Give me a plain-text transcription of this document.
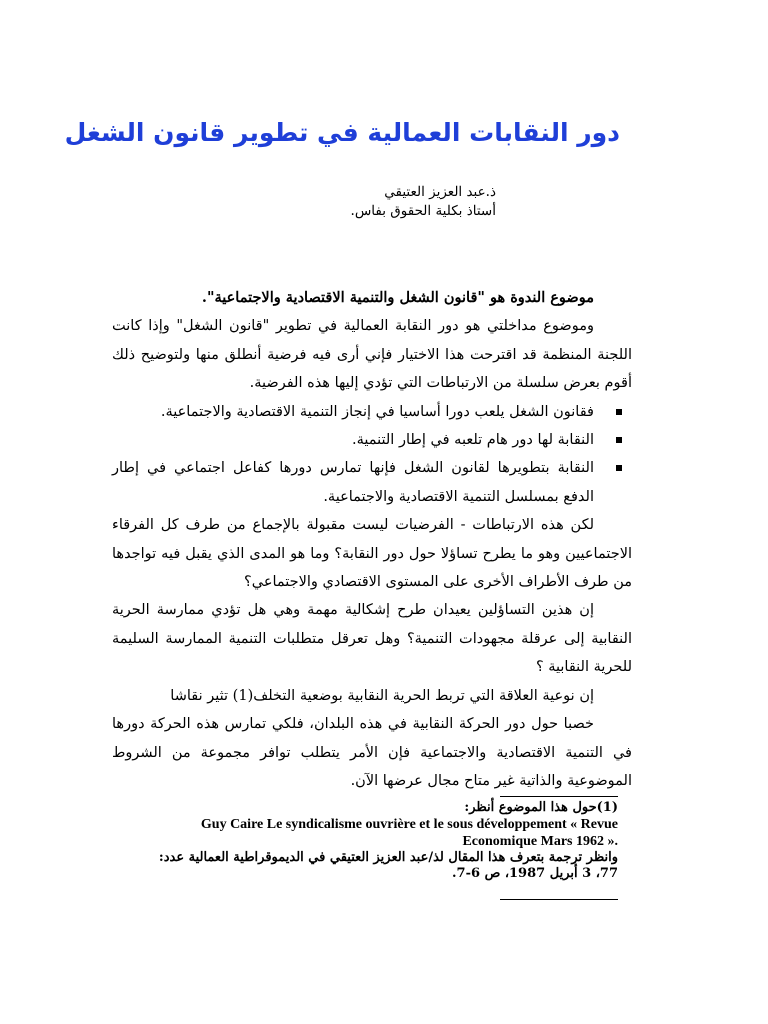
دور النقابات العمالية في تطوير قانون الشغل
ذ.عبد العزيز العتيقي
أستاذ بكلية الحقوق بفاس.

موضوع الندوة هو "قانون الشغل والتنمية الاقتصادية والاجتماعية".

وموضوع مداخلتي هو دور النقابة العمالية في تطوير "قانون الشغل" وإذا كانت اللجنة المنظمة قد اقترحت هذا الاختيار فإني أرى فيه فرضية أنطلق منها ولتوضيح ذلك أقوم بعرض سلسلة من الارتباطات التي تؤدي إليها هذه الفرضية.

فقانون الشغل يلعب دورا أساسيا في إنجاز التنمية الاقتصادية والاجتماعية.
النقابة لها دور هام تلعبه في إطار التنمية.
النقابة بتطويرها لقانون الشغل فإنها تمارس دورها كفاعل اجتماعي في إطار الدفع بمسلسل التنمية الاقتصادية والاجتماعية.

لكن هذه الارتباطات - الفرضيات ليست مقبولة بالإجماع من طرف كل الفرقاء الاجتماعيين وهو ما يطرح تساؤلا حول دور النقابة؟ وما هو المدى الذي يقبل فيه تواجدها من طرف الأطراف الأخرى على المستوى الاقتصادي والاجتماعي؟

إن هذين التساؤلين يعيدان طرح إشكالية مهمة وهي هل تؤدي ممارسة الحرية النقابية إلى عرقلة مجهودات التنمية؟ وهل تعرقل متطلبات التنمية الممارسة السليمة للحرية النقابية ؟

إن نوعية العلاقة التي تربط الحرية النقابية بوضعية التخلف(1) تثير نقاشا

خصبا حول دور الحركة النقابية في هذه البلدان، فلكي تمارس هذه الحركة دورها في التنمية الاقتصادية والاجتماعية فإن الأمر يتطلب توافر مجموعة من الشروط الموضوعية والذاتية غير متاح مجال عرضها الآن.

(1)حول هذا الموضوع أنظر:
Guy Caire Le syndicalisme ouvrière et le sous développement « Revue Economique Mars 1962 ».
وانظر ترجمة بتعرف هذا المقال لذ/عبد العزيز العتيقي في الديموقراطية العمالية عدد: 77، 3 أبريل 1987، ص 6-7.
